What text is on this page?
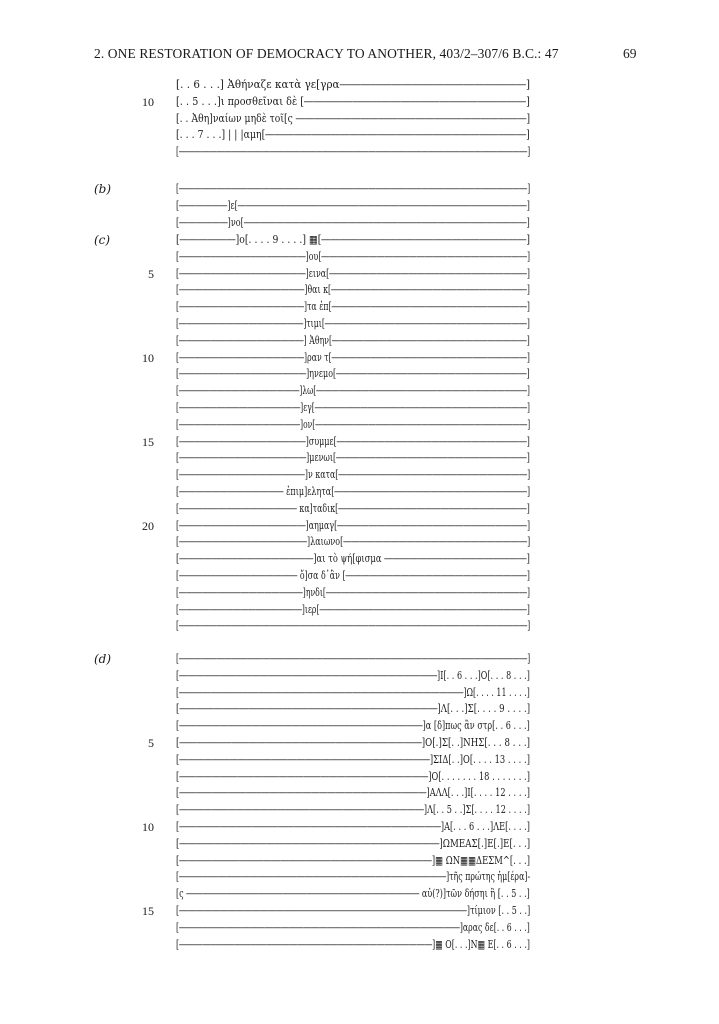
2. ONE RESTORATION OF DEMOCRACY TO ANOTHER, 403/2–307/6 B.C.: 47	69
[. . 6 . . .] Ἀθήναζε κατὰ γε[γρα――――――――――――――――――]
10 [. . 5 . . .]ι προσθεῖναι δὲ [―――――――――――――――――――――――]
[. . Ἀθη]ναίων μηδὲ τοῖ[ς ―――――――――――――――――――――――――]
[. . . 7 . . .] | | |αμη[――――――――――――――――――――――――――――]
[――――――――――――――――――――――――――――――――――――――――――――――]
(b)	[――――――――――――――――――――――――――――――――――――――――――――――]
[――――――]ε[――――――――――――――――――――――――――――――――――――]
[――――――]νο[―――――――――――――――――――――――――――――――――――]
(c)	[――――――]ο[. . . . 9 . . . .] ▦[――――――――――――――――――――――]
[――――――――――――――――]ου[――――――――――――――――――――――――――]
5 [――――――――――――――――]εινα[―――――――――――――――――――――――――]
[――――――――――――――――]θαι κ[―――――――――――――――――――――――――]
[――――――――――――――――]τα ἐπ[―――――――――――――――――――――――――]
[――――――――――――――――]τιμι[――――――――――――――――――――――――――]
[――――――――――――――――] Ἀθην[―――――――――――――――――――――――――]
10 [――――――――――――――――]ραν τ[―――――――――――――――――――――――――]
[――――――――――――――――]ηνεμο[――――――――――――――――――――――――]
[――――――――――――――――]λω[――――――――――――――――――――――――――――]
[――――――――――――――――]εγ[――――――――――――――――――――――――――――]
[――――――――――――――――]ον[――――――――――――――――――――――――――――]
15 [――――――――――――――――]συμμε[――――――――――――――――――――――――]
[――――――――――――――――]μενωι[――――――――――――――――――――――――]
[――――――――――――――――]ν κατα[――――――――――――――――――――――――]
[――――――――――――― ἐπιμ]ελητα[――――――――――――――――――――――――]
[――――――――――――――― κα]ταδικ[――――――――――――――――――――――――]
20 [――――――――――――――――]αημαγ[――――――――――――――――――――――――]
[――――――――――――――――]λαιωνο[―――――――――――――――――――――――]
[――――――――――――――――]αι τὸ ψή[φισμα ―――――――――――――――――]
[――――――――――――――― ὅ]σα δ᾽ἂν [―――――――――――――――――――――――]
[――――――――――――――――]ηνδι[――――――――――――――――――――――――――]
[――――――――――――――――]ιερ[―――――――――――――――――――――――――――]
[――――――――――――――――――――――――――――――――――――――――――――――]
(d)	[――――――――――――――――――――――――――――――――――――――――――――――]
[――――――――――――――――――――――――――――――――]Ι[. . 6 . . .]Ο[. . . 8 . . .]
[――――――――――――――――――――――――――――――――――――]Ω[. . . . 11 . . . .]
[――――――――――――――――――――――――――――――]Λ[. . .]Σ[. . . . 9 . . . .]
[――――――――――――――――――――――――――――――]α [δ]πως ἂν στρ[. . 6 . . .]
5 [――――――――――――――――――――――――――――]Ο[.]Σ[. .]ΝΗΣ[. . . 8 . . .]
[――――――――――――――――――――――――――――――]ΣΙΔ[. .]Ο[. . . . 13 . . . .]
[――――――――――――――――――――――――――――――]Ο[. . . . . . . 18 . . . . . . .]
[――――――――――――――――――――――――――――――]ΑΛΛ[. . .]Ι[. . . . 12 . . . .]
[――――――――――――――――――――――――――――――]Λ[. . 5 . .]Σ[. . . . 12 . . . .]
10 [――――――――――――――――――――――――――――――――]Α[. . . 6 . . .]ΛΕ[. . . .]
[――――――――――――――――――――――――――――――]ΩΜΕΑΣ[.]Ε[.]Ε[. . .]
[――――――――――――――――――――――――――――――]▦ ΩΝ▦▦ΔΕΣΜ^[. . .]
[――――――――――――――――――――――――――――――――――]τῆς πρώτης ἡμ[έρα]-
[ς ――――――――――――――――――――――――――――― αὐ(?)]τῶν δήσηι ἢ [. . 5 . .]
15 [――――――――――――――――――――――――――――――――――――]τίμιον [. . 5 . .]
[――――――――――――――――――――――――――――――――――――]αρας δε[. . 6 . . .]
[――――――――――――――――――――――――――――――――]▦ Ο[. . .]Ν▦ Ε[. . 6 . . .]
